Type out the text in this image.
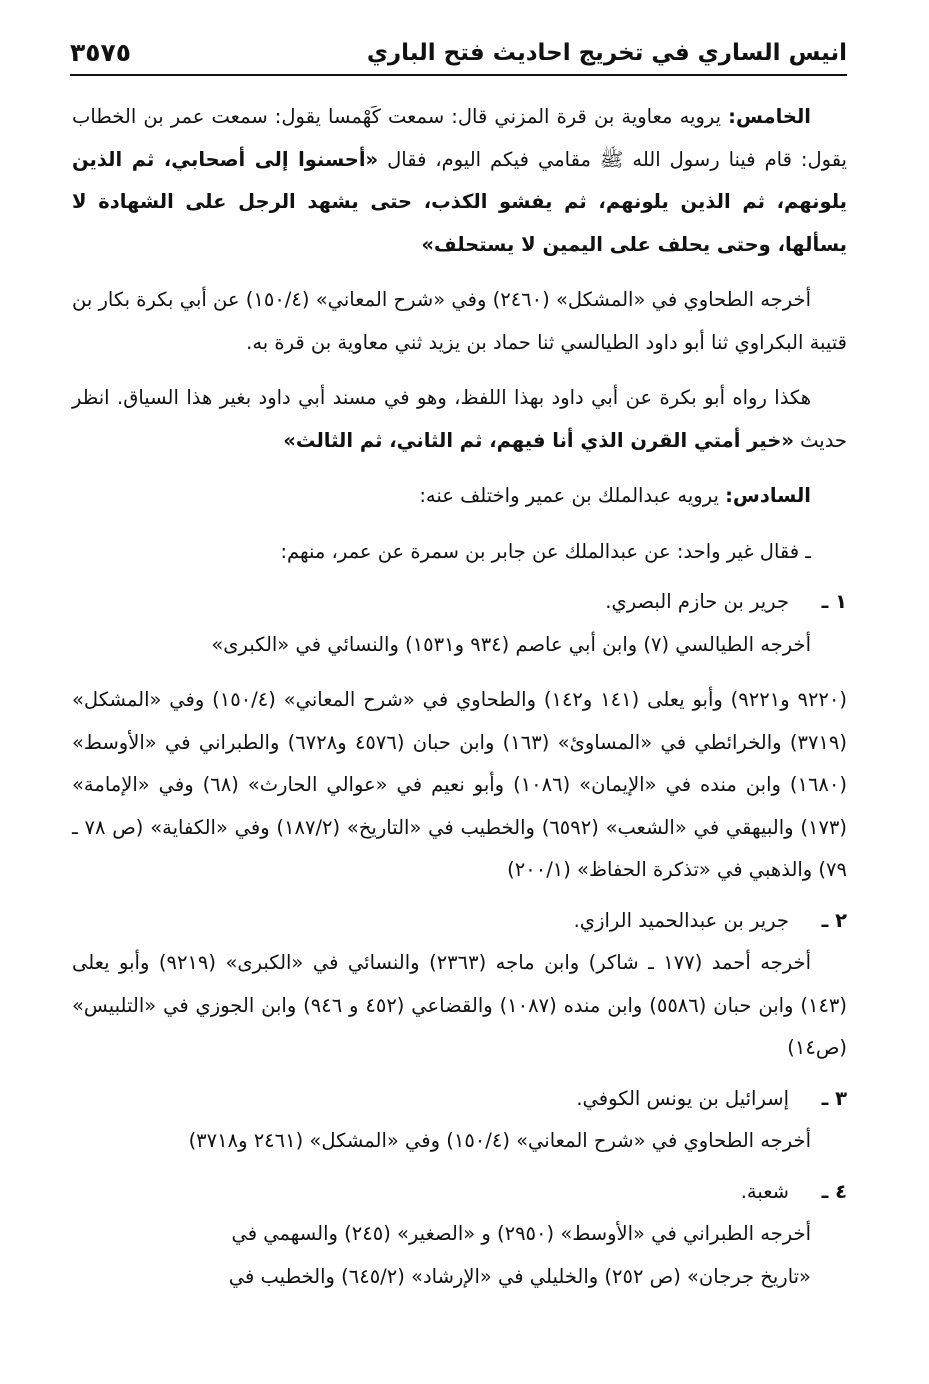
انيس الساري في تخريج احاديث فتح الباري
٣٥٧٥

الخامس: يرويه معاوية بن قرة المزني قال: سمعت كَهْمسا يقول: سمعت عمر بن الخطاب يقول: قام فينا رسول الله ﷺ مقامي فيكم اليوم، فقال «أحسنوا إلى أصحابي، ثم الذين يلونهم، ثم الذين يلونهم، ثم يفشو الكذب، حتى يشهد الرجل على الشهادة لا يسألها، وحتى يحلف على اليمين لا يستحلف»

أخرجه الطحاوي في «المشكل» (٢٤٦٠) وفي «شرح المعاني» (١٥٠/٤) عن أبي بكرة بكار بن قتيبة البكراوي ثنا أبو داود الطيالسي ثنا حماد بن يزيد ثني معاوية بن قرة به.

هكذا رواه أبو بكرة عن أبي داود بهذا اللفظ، وهو في مسند أبي داود بغير هذا السياق. انظر حديث «خير أمتي القرن الذي أنا فيهم، ثم الثاني، ثم الثالث»

السادس: يرويه عبدالملك بن عمير واختلف عنه:

ـ فقال غير واحد: عن عبدالملك عن جابر بن سمرة عن عمر، منهم:

١ ـجرير بن حازم البصري.

أخرجه الطيالسي (٧) وابن أبي عاصم (٩٣٤ و١٥٣١) والنسائي في «الكبرى»

(٩٢٢٠ و٩٢٢١) وأبو يعلى (١٤١ و١٤٢) والطحاوي في «شرح المعاني» (١٥٠/٤) وفي «المشكل» (٣٧١٩) والخرائطي في «المساوئ» (١٦٣) وابن حبان (٤٥٧٦ و٦٧٢٨) والطبراني في «الأوسط» (١٦٨٠) وابن منده في «الإيمان» (١٠٨٦) وأبو نعيم في «عوالي الحارث» (٦٨) وفي «الإمامة» (١٧٣) والبيهقي في «الشعب» (٦٥٩٢) والخطيب في «التاريخ» (١٨٧/٢) وفي «الكفاية» (ص ٧٨ ـ ٧٩) والذهبي في «تذكرة الحفاظ» (٢٠٠/١)

٢ ـجرير بن عبدالحميد الرازي.

أخرجه أحمد (١٧٧ ـ شاكر) وابن ماجه (٢٣٦٣) والنسائي في «الكبرى» (٩٢١٩) وأبو يعلى (١٤٣) وابن حبان (٥٥٨٦) وابن منده (١٠٨٧) والقضاعي (٤٥٢ و ٩٤٦) وابن الجوزي في «التلبيس» (ص١٤)

٣ ـإسرائيل بن يونس الكوفي.

أخرجه الطحاوي في «شرح المعاني» (١٥٠/٤) وفي «المشكل» (٢٤٦١ و٣٧١٨)

٤ ـشعبة.

أخرجه الطبراني في «الأوسط» (٢٩٥٠) و «الصغير» (٢٤٥) والسهمي في

«تاريخ جرجان» (ص ٢٥٢) والخليلي في «الإرشاد» (٦٤٥/٢) والخطيب في
